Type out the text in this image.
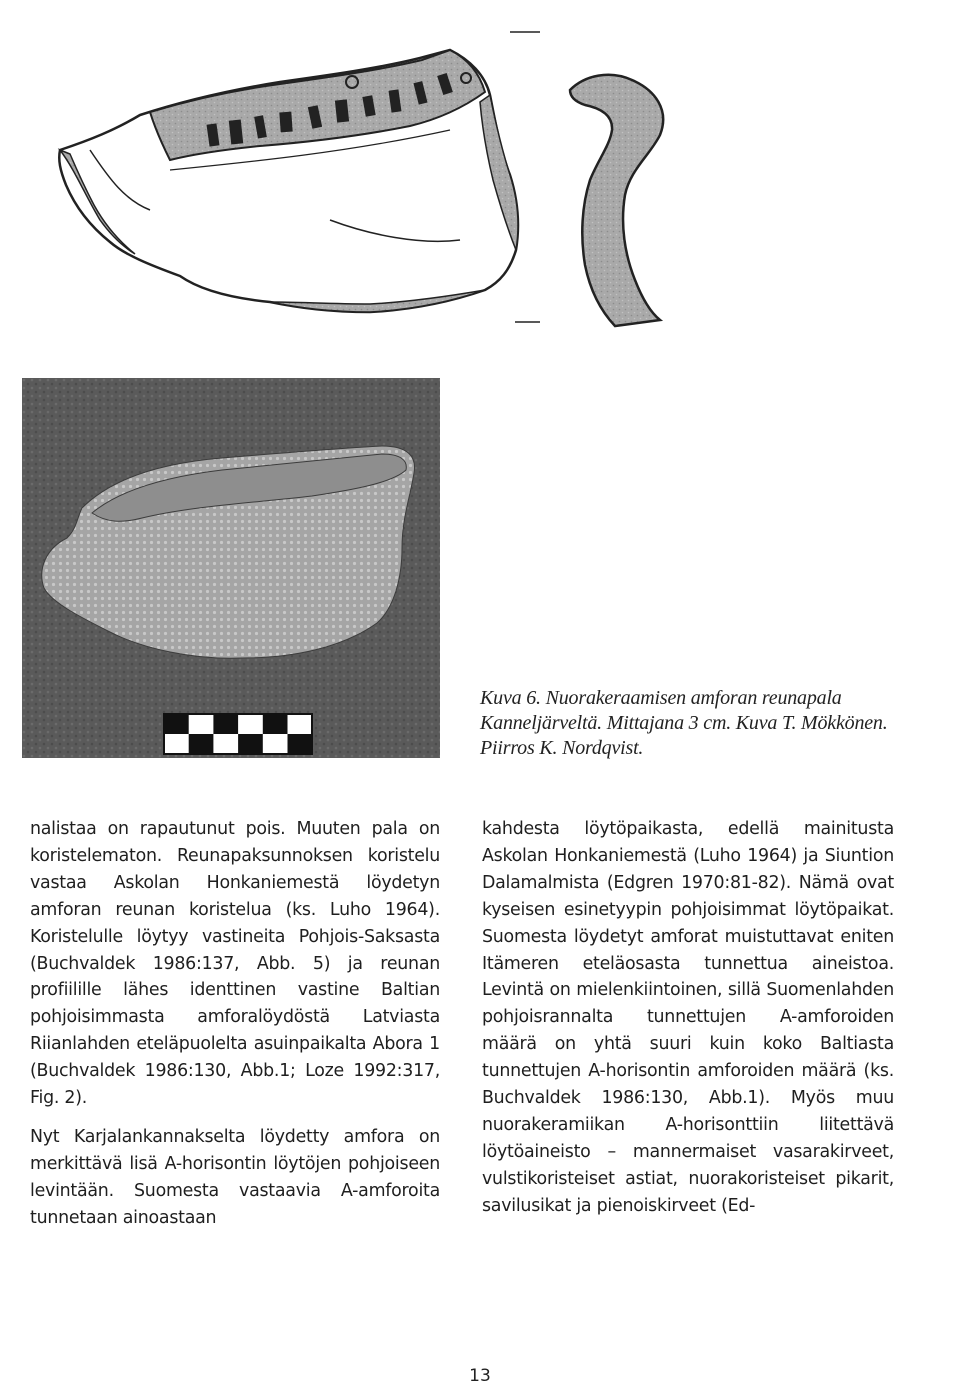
Kuva 6. Nuorakeraamisen amforan reunapala Kanneljärveltä. Mittajana 3 cm. Kuva T. Mökkönen. Piirros K. Nordqvist.

nalistaa on rapautunut pois. Muuten pala on koristelematon. Reunapaksunnoksen koristelu vastaa Askolan Honkaniemestä löydetyn amforan reunan koristelua (ks. Luho 1964). Koristelulle löytyy vastineita Pohjois-Saksasta (Buchvaldek 1986:137, Abb. 5) ja reunan profiilille lähes identtinen vastine Baltian pohjoisimmasta amforalöydöstä Latviasta Riianlahden eteläpuolelta asuinpaikalta Abora 1 (Buchvaldek 1986:130, Abb.1; Loze 1992:317, Fig. 2).

Nyt Karjalankannakselta löydetty amfora on merkittävä lisä A-horisontin löytöjen pohjoiseen levintään. Suomesta vastaavia A-amforoita tunnetaan ainoastaan

kahdesta löytöpaikasta, edellä mainitusta Askolan Honkaniemestä (Luho 1964) ja Siuntion Dalamalmista (Edgren 1970:81-82). Nämä ovat kyseisen esinetyypin pohjoisimmat löytöpaikat. Suomesta löydetyt amforat muistuttavat eniten Itämeren eteläosasta tunnettua aineistoa. Levintä on mielenkiintoinen, sillä Suomenlahden pohjoisrannalta tunnettujen A-amforoiden määrä on yhtä suuri kuin koko Baltiasta tunnettujen A-horisontin amforoiden määrä (ks. Buchvaldek 1986:130, Abb.1). Myös muu nuorakeramiikan A-horisonttiin liitettävä löytöaineisto – mannermaiset vasarakirveet, vulstikoristeiset astiat, nuorakoristeiset pikarit, savilusikat ja pienoiskirveet (Ed-

13
